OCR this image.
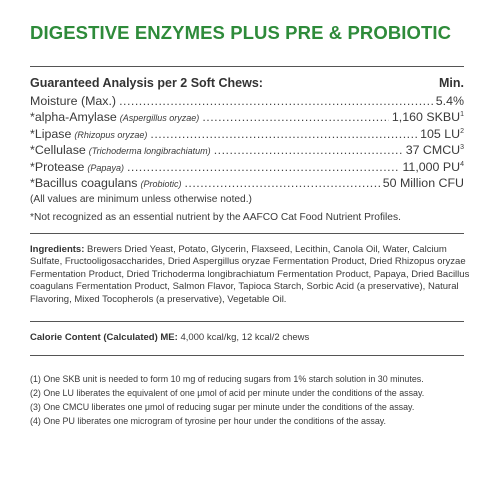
DIGESTIVE ENZYMES PLUS PRE & PROBIOTIC
Guaranteed Analysis per 2 Soft Chews:	Min.
Moisture (Max.) .....	5.4%
*alpha-Amylase (Aspergillus oryzae) .....	1,160 SKBU$^1$
*Lipase (Rhizopus oryzae) .....	105 $LU^2$
*Cellulase (Trichoderma longibrachiatum) .....	37 CMCU$^3$
*Protease (Papaya) .....	11,000 $PU^4$
*Bacillus coagulans (Probiotic) .....	50 Million CFU
(All values are minimum unless otherwise noted.)
*Not recognized as an essential nutrient by the AAFCO Cat Food Nutrient Profiles.
Ingredients: Brewers Dried Yeast, Potato, Glycerin, Flaxseed, Lecithin, Canola Oil, Water, Calcium Sulfate, Fructooligosaccharides, Dried Aspergillus oryzae Fermentation Product, Dried Rhizopus oryzae Fermentation Product, Dried Trichoderma longibrachiatum Fermentation Product, Papaya, Dried Bacillus coagulans Fermentation Product, Salmon Flavor, Tapioca Starch, Sorbic Acid (a preservative), Natural Flavoring, Mixed Tocopherols (a preservative), Vegetable Oil.
Calorie Content (Calculated) ME: 4,000 kcal/kg, 12 kcal/2 chews
(1) One SKB unit is needed to form 10 mg of reducing sugars from 1% starch solution in 30 minutes.
(2) One LU liberates the equivalent of one μmol of acid per minute under the conditions of the assay.
(3) One CMCU liberates one μmol of reducing sugar per minute under the conditions of the assay.
(4) One PU liberates one microgram of tyrosine per hour under the conditions of the assay.
